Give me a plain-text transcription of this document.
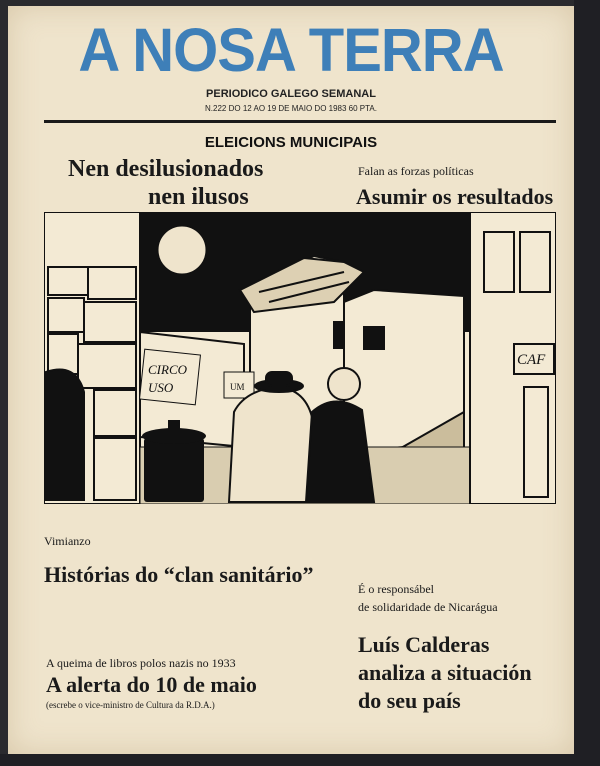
A NOSA TERRA
PERIODICO GALEGO SEMANAL
N.222 DO 12 AO 19 DE MAIO DO 1983 60 PTA.
ELEICIONS MUNICIPAIS
Nen desilusionados
nen ilusos
Falan as forzas políticas
Asumir os resultados
CIRCO
USO	UM
CAF
Vimianzo
Histórias do “clan sanitário”
É o responsábel
de solidaridade de Nicarágua
Luís Calderas
analiza a situación
do seu país
A queima de libros polos nazis no 1933
A alerta do 10 de maio
(escrebe o vice-ministro de Cultura da R.D.A.)
